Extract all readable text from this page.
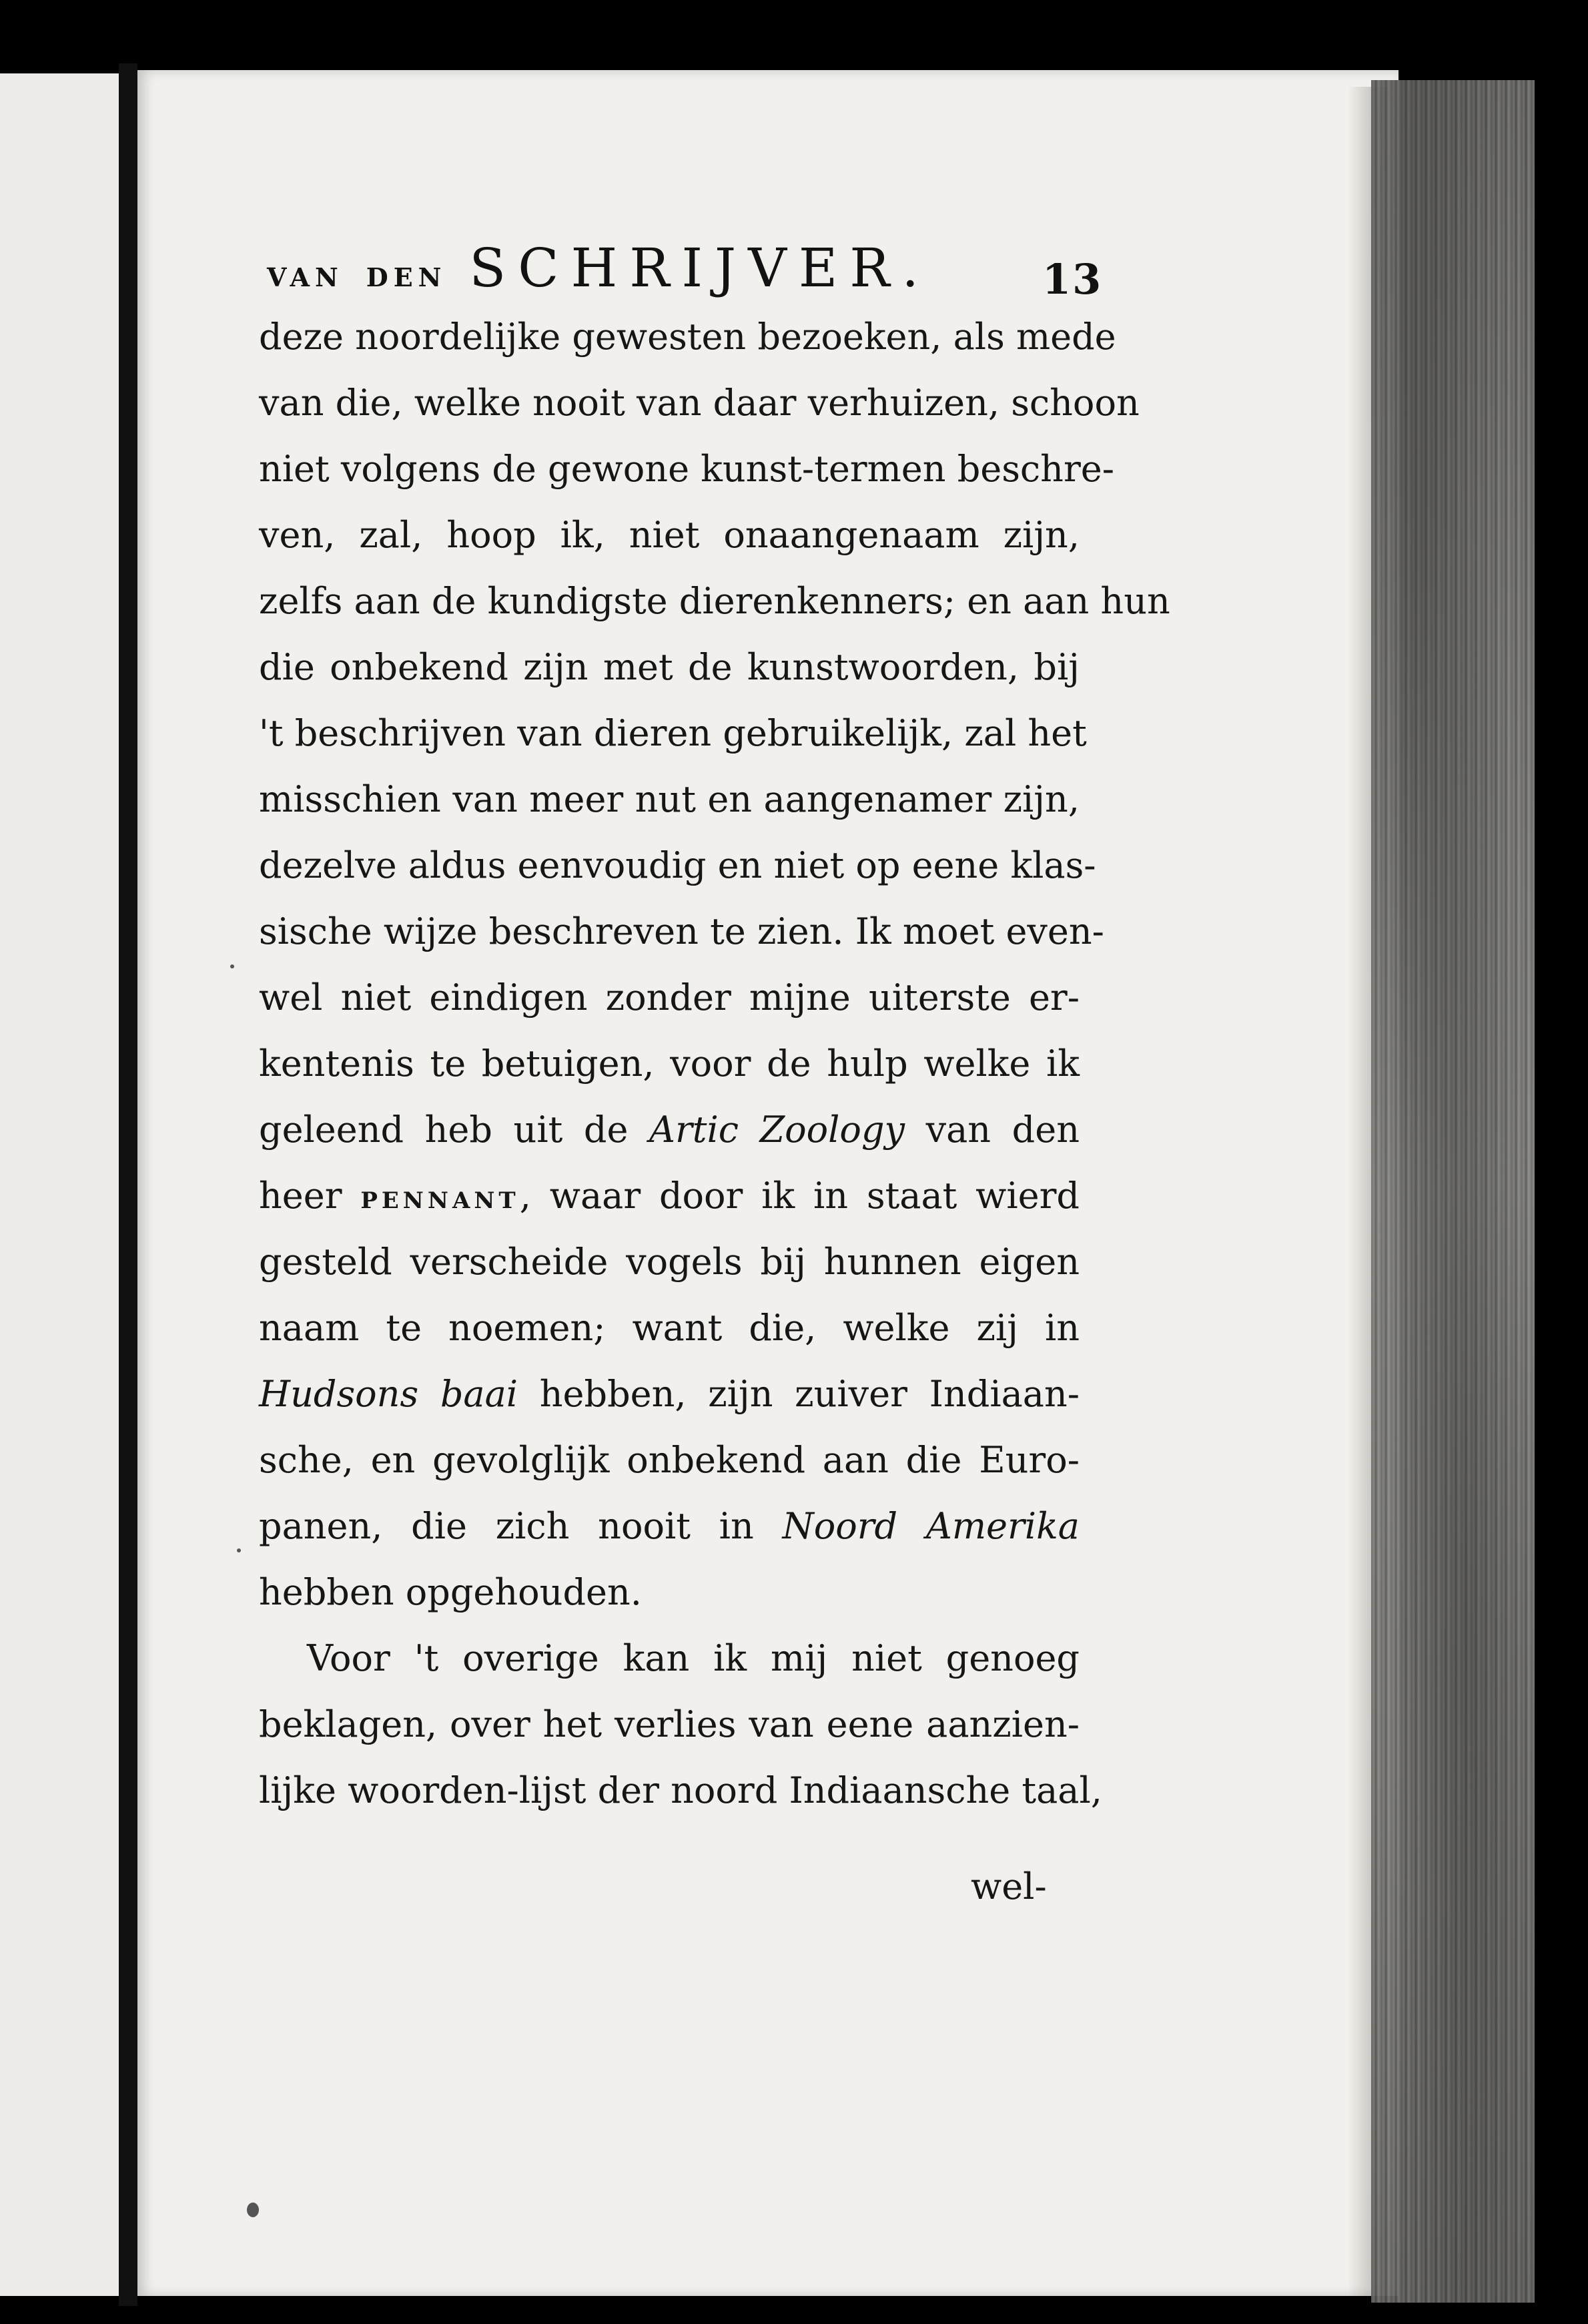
VAN DEN SCHRIJVER.	13
deze noordelijke gewesten bezoeken, als mede
van die, welke nooit van daar verhuizen, schoon
niet volgens de gewone kunst-termen beschre-
ven, zal, hoop ik, niet onaangenaam zijn,
zelfs aan de kundigste dierenkenners; en aan hun
die onbekend zijn met de kunstwoorden, bij
't beschrijven van dieren gebruikelijk, zal het
misschien van meer nut en aangenamer zijn,
dezelve aldus eenvoudig en niet op eene klas-
sische wijze beschreven te zien. Ik moet even-
wel niet eindigen zonder mijne uiterste er-
kentenis te betuigen, voor de hulp welke ik
geleend heb uit de Artic Zoology van den
heer PENNANT, waar door ik in staat wierd
gesteld verscheide vogels bij hunnen eigen
naam te noemen; want die, welke zij in
Hudsons baai hebben, zijn zuiver Indiaan-
sche, en gevolglijk onbekend aan die Euro-
panen, die zich nooit in Noord Amerika
hebben opgehouden.
Voor 't overige kan ik mij niet genoeg
beklagen, over het verlies van eene aanzien-
lijke woorden-lijst der noord Indiaansche taal,
wel-
